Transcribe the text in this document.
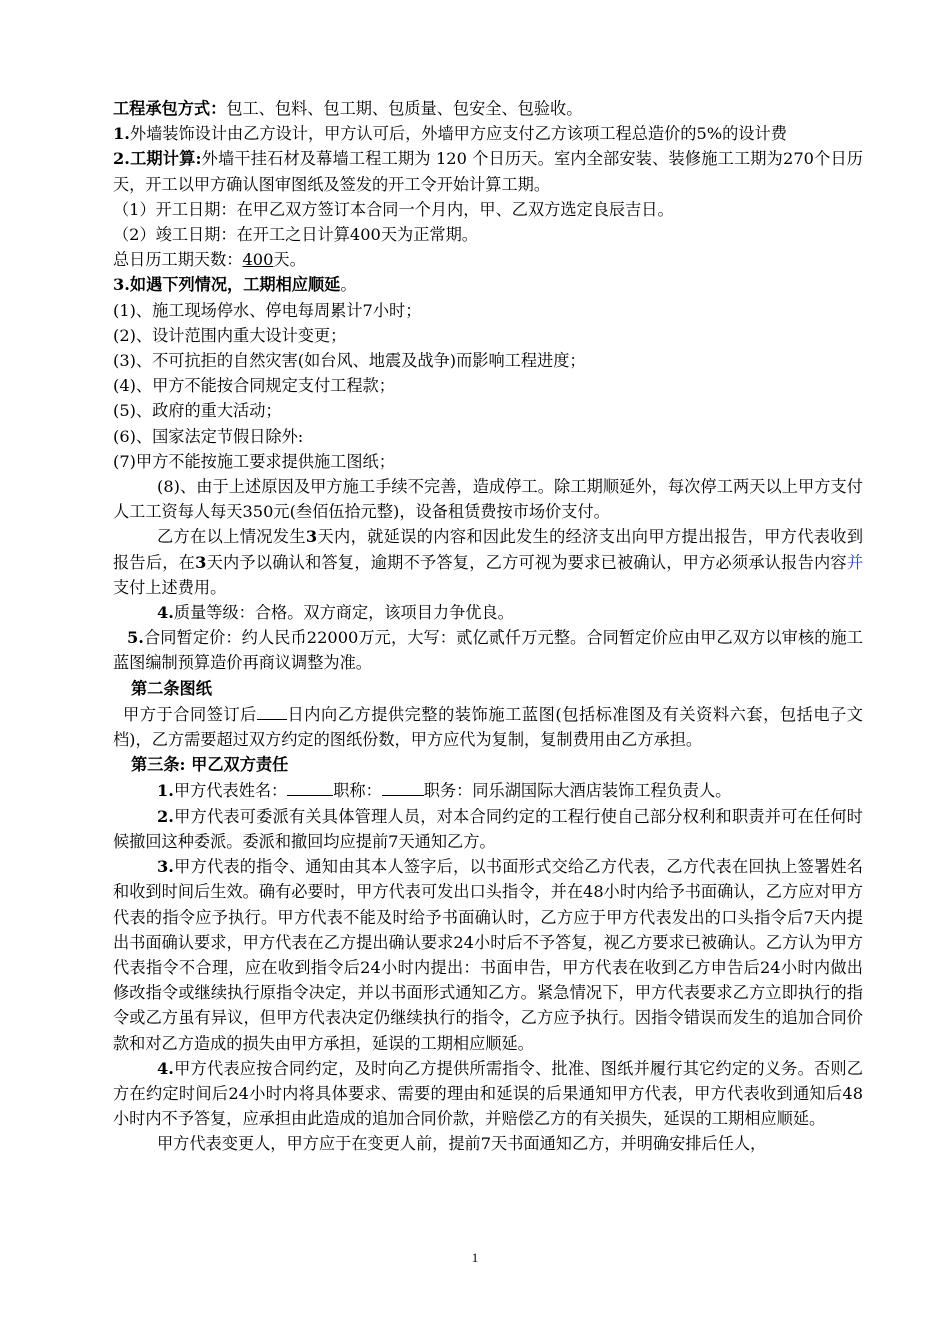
工程承包方式：包工、包料、包工期、包质量、包安全、包验收。

1.外墙装饰设计由乙方设计，甲方认可后，外墙甲方应支付乙方该项工程总造价的5%的设计费

2.工期计算:外墙干挂石材及幕墙工程工期为 120 个日历天。室内全部安装、装修施工工期为270个日历天，开工以甲方确认图审图纸及签发的开工令开始计算工期。

（1）开工日期：在甲乙双方签订本合同一个月内，甲、乙双方选定良辰吉日。

（2）竣工日期：在开工之日计算400天为正常期。

总日历工期天数：400天。

3.如遇下列情况，工期相应顺延。

(1)、施工现场停水、停电每周累计7小时；

(2)、设计范围内重大设计变更；

(3)、不可抗拒的自然灾害(如台风、地震及战争)而影响工程进度；

(4)、甲方不能按合同规定支付工程款；

(5)、政府的重大活动；

(6)、国家法定节假日除外:

(7)甲方不能按施工要求提供施工图纸；

(8)、由于上述原因及甲方施工手续不完善，造成停工。除工期顺延外，每次停工两天以上甲方支付人工工资每人每天350元(叁佰伍拾元整)，设备租赁费按市场价支付。

乙方在以上情况发生3天内，就延误的内容和因此发生的经济支出向甲方提出报告，甲方代表收到报告后，在3天内予以确认和答复，逾期不予答复，乙方可视为要求已被确认，甲方必须承认报告内容并支付上述费用。

4.质量等级：合格。双方商定，该项目力争优良。

5.合同暂定价：约人民币22000万元，大写：贰亿贰仟万元整。合同暂定价应由甲乙双方以审核的施工蓝图编制预算造价再商议调整为准。

第二条图纸

甲方于合同签订后 日内向乙方提供完整的装饰施工蓝图(包括标准图及有关资料六套，包括电子文档)，乙方需要超过双方约定的图纸份数，甲方应代为复制，复制费用由乙方承担。

第三条: 甲乙双方责任

1.甲方代表姓名：	职称：	职务：同乐湖国际大酒店装饰工程负责人。

2.甲方代表可委派有关具体管理人员，对本合同约定的工程行使自己部分权利和职责并可在任何时候撤回这种委派。委派和撤回均应提前7天通知乙方。

3.甲方代表的指令、通知由其本人签字后，以书面形式交给乙方代表，乙方代表在回执上签署姓名和收到时间后生效。确有必要时，甲方代表可发出口头指令，并在48小时内给予书面确认，乙方应对甲方代表的指令应予执行。甲方代表不能及时给予书面确认时，乙方应于甲方代表发出的口头指令后7天内提出书面确认要求，甲方代表在乙方提出确认要求24小时后不予答复，视乙方要求已被确认。乙方认为甲方代表指令不合理，应在收到指令后24小时内提出：书面申告，甲方代表在收到乙方申告后24小时内做出修改指令或继续执行原指令决定，并以书面形式通知乙方。紧急情况下，甲方代表要求乙方立即执行的指令或乙方虽有异议，但甲方代表决定仍继续执行的指令，乙方应予执行。因指令错误而发生的追加合同价款和对乙方造成的损失由甲方承担，延误的工期相应顺延。

4.甲方代表应按合同约定，及时向乙方提供所需指令、批准、图纸并履行其它约定的义务。否则乙方在约定时间后24小时内将具体要求、需要的理由和延误的后果通知甲方代表，甲方代表收到通知后48小时内不予答复，应承担由此造成的追加合同价款，并赔偿乙方的有关损失，延误的工期相应顺延。

甲方代表变更人，甲方应于在变更人前，提前7天书面通知乙方，并明确安排后任人，

1
